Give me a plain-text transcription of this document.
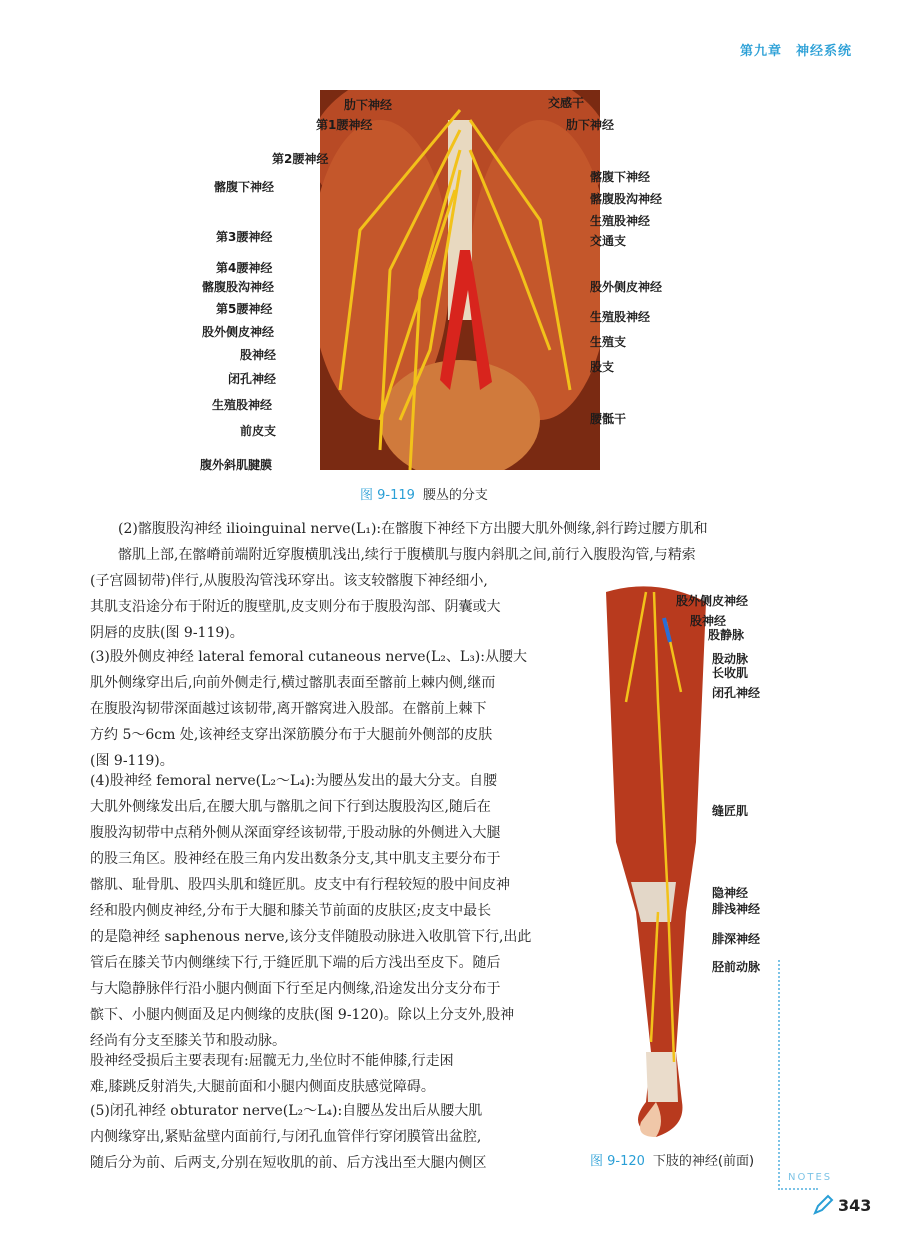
第九章　神经系统
肋下神经
第1腰神经
第2腰神经
髂腹下神经
第3腰神经
第4腰神经
髂腹股沟神经
第5腰神经
股外侧皮神经
股神经
闭孔神经
生殖股神经
前皮支
腹外斜肌腱膜
交感干
肋下神经
髂腹下神经
髂腹股沟神经
生殖股神经
交通支
股外侧皮神经
生殖股神经
生殖支
股支
腰骶干
图 9-119 腰丛的分支
股外侧皮神经
股神经
股静脉
股动脉
长收肌
闭孔神经
缝匠肌
隐神经
腓浅神经
腓深神经
胫前动脉
图 9-120 下肢的神经(前面)
(2)髂腹股沟神经 ilioinguinal nerve(L₁):在髂腹下神经下方出腰大肌外侧缘,斜行跨过腰方肌和
髂肌上部,在髂嵴前端附近穿腹横肌浅出,续行于腹横肌与腹内斜肌之间,前行入腹股沟管,与精索
(子宫圆韧带)伴行,从腹股沟管浅环穿出。该支较髂腹下神经细小,
其肌支沿途分布于附近的腹壁肌,皮支则分布于腹股沟部、阴囊或大
阴唇的皮肤(图 9-119)。
(3)股外侧皮神经 lateral femoral cutaneous nerve(L₂、L₃):从腰大
肌外侧缘穿出后,向前外侧走行,横过髂肌表面至髂前上棘内侧,继而
在腹股沟韧带深面越过该韧带,离开髂窝进入股部。在髂前上棘下
方约 5～6cm 处,该神经支穿出深筋膜分布于大腿前外侧部的皮肤
(图 9-119)。
(4)股神经 femoral nerve(L₂～L₄):为腰丛发出的最大分支。自腰
大肌外侧缘发出后,在腰大肌与髂肌之间下行到达腹股沟区,随后在
腹股沟韧带中点稍外侧从深面穿经该韧带,于股动脉的外侧进入大腿
的股三角区。股神经在股三角内发出数条分支,其中肌支主要分布于
髂肌、耻骨肌、股四头肌和缝匠肌。皮支中有行程较短的股中间皮神
经和股内侧皮神经,分布于大腿和膝关节前面的皮肤区;皮支中最长
的是隐神经 saphenous nerve,该分支伴随股动脉进入收肌管下行,出此
管后在膝关节内侧继续下行,于缝匠肌下端的后方浅出至皮下。随后
与大隐静脉伴行沿小腿内侧面下行至足内侧缘,沿途发出分支分布于
髌下、小腿内侧面及足内侧缘的皮肤(图 9-120)。除以上分支外,股神
经尚有分支至膝关节和股动脉。
股神经受损后主要表现有:屈髋无力,坐位时不能伸膝,行走困
难,膝跳反射消失,大腿前面和小腿内侧面皮肤感觉障碍。
(5)闭孔神经 obturator nerve(L₂～L₄):自腰丛发出后从腰大肌
内侧缘穿出,紧贴盆壁内面前行,与闭孔血管伴行穿闭膜管出盆腔,
随后分为前、后两支,分别在短收肌的前、后方浅出至大腿内侧区
NOTES
343
